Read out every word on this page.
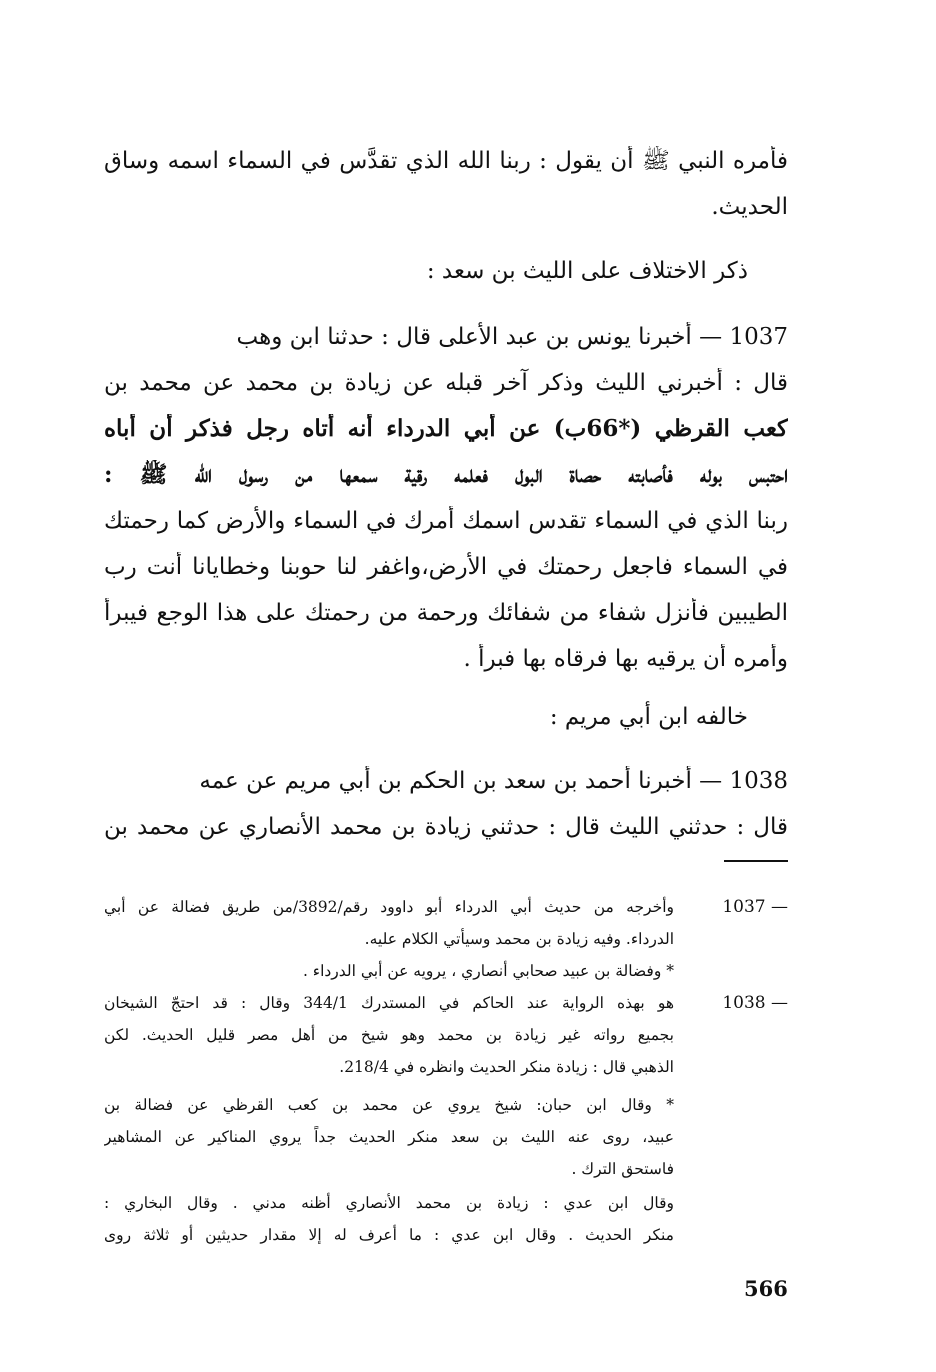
فأمره النبي ﷺ أن يقول : ربنا الله الذي تقدَّس في السماء اسمه وساق
الحديث.
ذكر الاختلاف على الليث بن سعد :
1037 — أخبرنا يونس بن عبد الأعلى قال : حدثنا ابن وهب
قال : أخبرني الليث وذكر آخر قبله عن زيادة بن محمد عن محمد بن
كعب القرظي (*66ب) عن أبي الدرداء أنه أتاه رجل فذكر أن أباه
احتبس بوله فأصابته حصاة البول فعلمه رقية سمعها من رسول الله ﷺ :
ربنا الذي في السماء تقدس اسمك أمرك في السماء والأرض كما رحمتك
في السماء فاجعل رحمتك في الأرض،واغفر لنا حوبنا وخطايانا أنت رب
الطيبين فأنزل شفاء من شفائك ورحمة من رحمتك على هذا الوجع فيبرأ
وأمره أن يرقيه بها فرقاه بها فبرأ .
خالفه ابن أبي مريم :
1038 — أخبرنا أحمد بن سعد بن الحكم بن أبي مريم عن عمه
قال : حدثني الليث قال : حدثني زيادة بن محمد الأنصاري عن محمد بن
1037 —
وأخرجه من حديث أبي الدرداء أبو داوود رقم/3892/من طريق فضالة عن أبي
الدرداء. وفيه زيادة بن محمد وسيأتي الكلام عليه.
* وفضالة بن عبيد صحابي أنصاري ، يرويه عن أبي الدرداء .
1038 —
هو بهذه الرواية عند الحاكم في المستدرك 344/1 وقال : قد احتجّ الشيخان
بجميع رواته غير زيادة بن محمد وهو شيخ من أهل مصر قليل الحديث. لكن
الذهبي قال : زيادة منكر الحديث وانظره في 218/4.
* وقال ابن حبان: شيخ يروي عن محمد بن كعب القرظي عن فضالة بن
عبيد، روى عنه الليث بن سعد منكر الحديث جداً يروي المناكير عن المشاهير
فاستحق الترك .
وقال ابن عدي : زيادة بن محمد الأنصاري أظنه مدني . وقال البخاري :
منكر الحديث . وقال ابن عدي : ما أعرف له إلا مقدار حديثين أو ثلاثة روى
566
